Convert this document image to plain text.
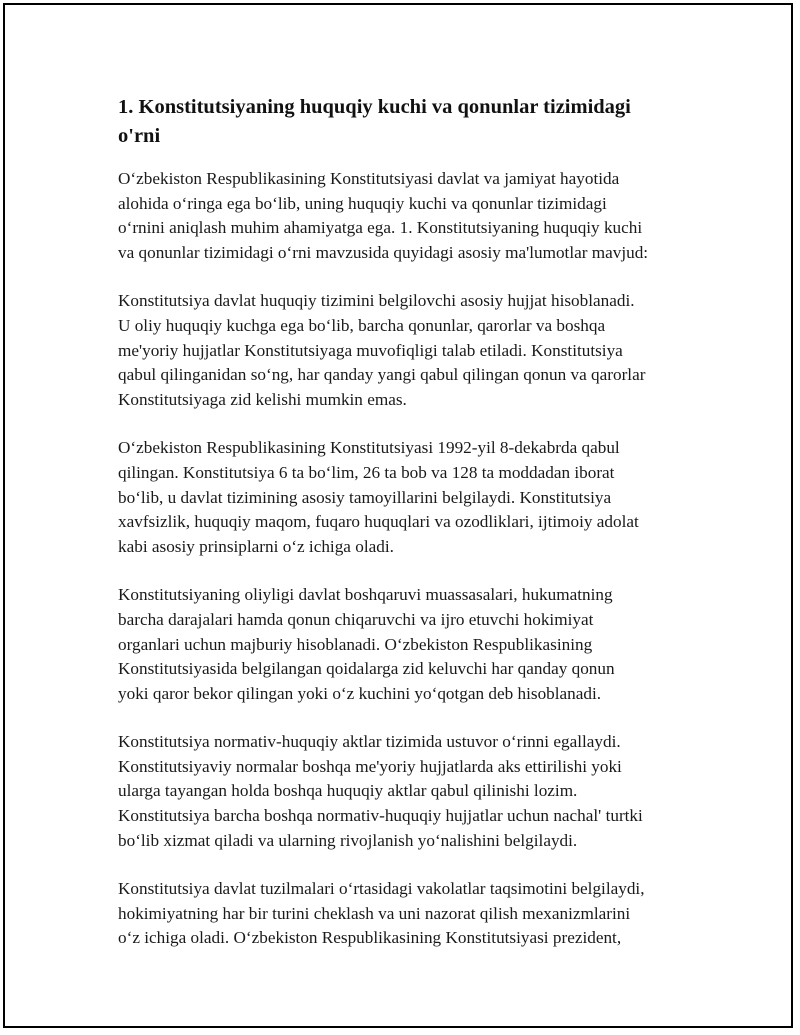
1. Konstitutsiyaning huquqiy kuchi va qonunlar tizimidagi
o'rni
O‘zbekiston Respublikasining Konstitutsiyasi davlat va jamiyat hayotida
alohida o‘ringa ega bo‘lib, uning huquqiy kuchi va qonunlar tizimidagi
o‘rnini aniqlash muhim ahamiyatga ega. 1. Konstitutsiyaning huquqiy kuchi
va qonunlar tizimidagi o‘rni mavzusida quyidagi asosiy ma'lumotlar mavjud:
Konstitutsiya davlat huquqiy tizimini belgilovchi asosiy hujjat hisoblanadi.
U oliy huquqiy kuchga ega bo‘lib, barcha qonunlar, qarorlar va boshqa
me'yoriy hujjatlar Konstitutsiyaga muvofiqligi talab etiladi. Konstitutsiya
qabul qilinganidan so‘ng, har qanday yangi qabul qilingan qonun va qarorlar
Konstitutsiyaga zid kelishi mumkin emas.
O‘zbekiston Respublikasining Konstitutsiyasi 1992-yil 8-dekabrda qabul
qilingan. Konstitutsiya 6 ta bo‘lim, 26 ta bob va 128 ta moddadan iborat
bo‘lib, u davlat tizimining asosiy tamoyillarini belgilaydi. Konstitutsiya
xavfsizlik, huquqiy maqom, fuqaro huquqlari va ozodliklari, ijtimoiy adolat
kabi asosiy prinsiplarni o‘z ichiga oladi.
Konstitutsiyaning oliyligi davlat boshqaruvi muassasalari, hukumatning
barcha darajalari hamda qonun chiqaruvchi va ijro etuvchi hokimiyat
organlari uchun majburiy hisoblanadi. O‘zbekiston Respublikasining
Konstitutsiyasida belgilangan qoidalarga zid keluvchi har qanday qonun
yoki qaror bekor qilingan yoki o‘z kuchini yo‘qotgan deb hisoblanadi.
Konstitutsiya normativ-huquqiy aktlar tizimida ustuvor o‘rinni egallaydi.
Konstitutsiyaviy normalar boshqa me'yoriy hujjatlarda aks ettirilishi yoki
ularga tayangan holda boshqa huquqiy aktlar qabul qilinishi lozim.
Konstitutsiya barcha boshqa normativ-huquqiy hujjatlar uchun nachal' turtki
bo‘lib xizmat qiladi va ularning rivojlanish yo‘nalishini belgilaydi.
Konstitutsiya davlat tuzilmalari o‘rtasidagi vakolatlar taqsimotini belgilaydi,
hokimiyatning har bir turini cheklash va uni nazorat qilish mexanizmlarini
o‘z ichiga oladi. O‘zbekiston Respublikasining Konstitutsiyasi prezident,
